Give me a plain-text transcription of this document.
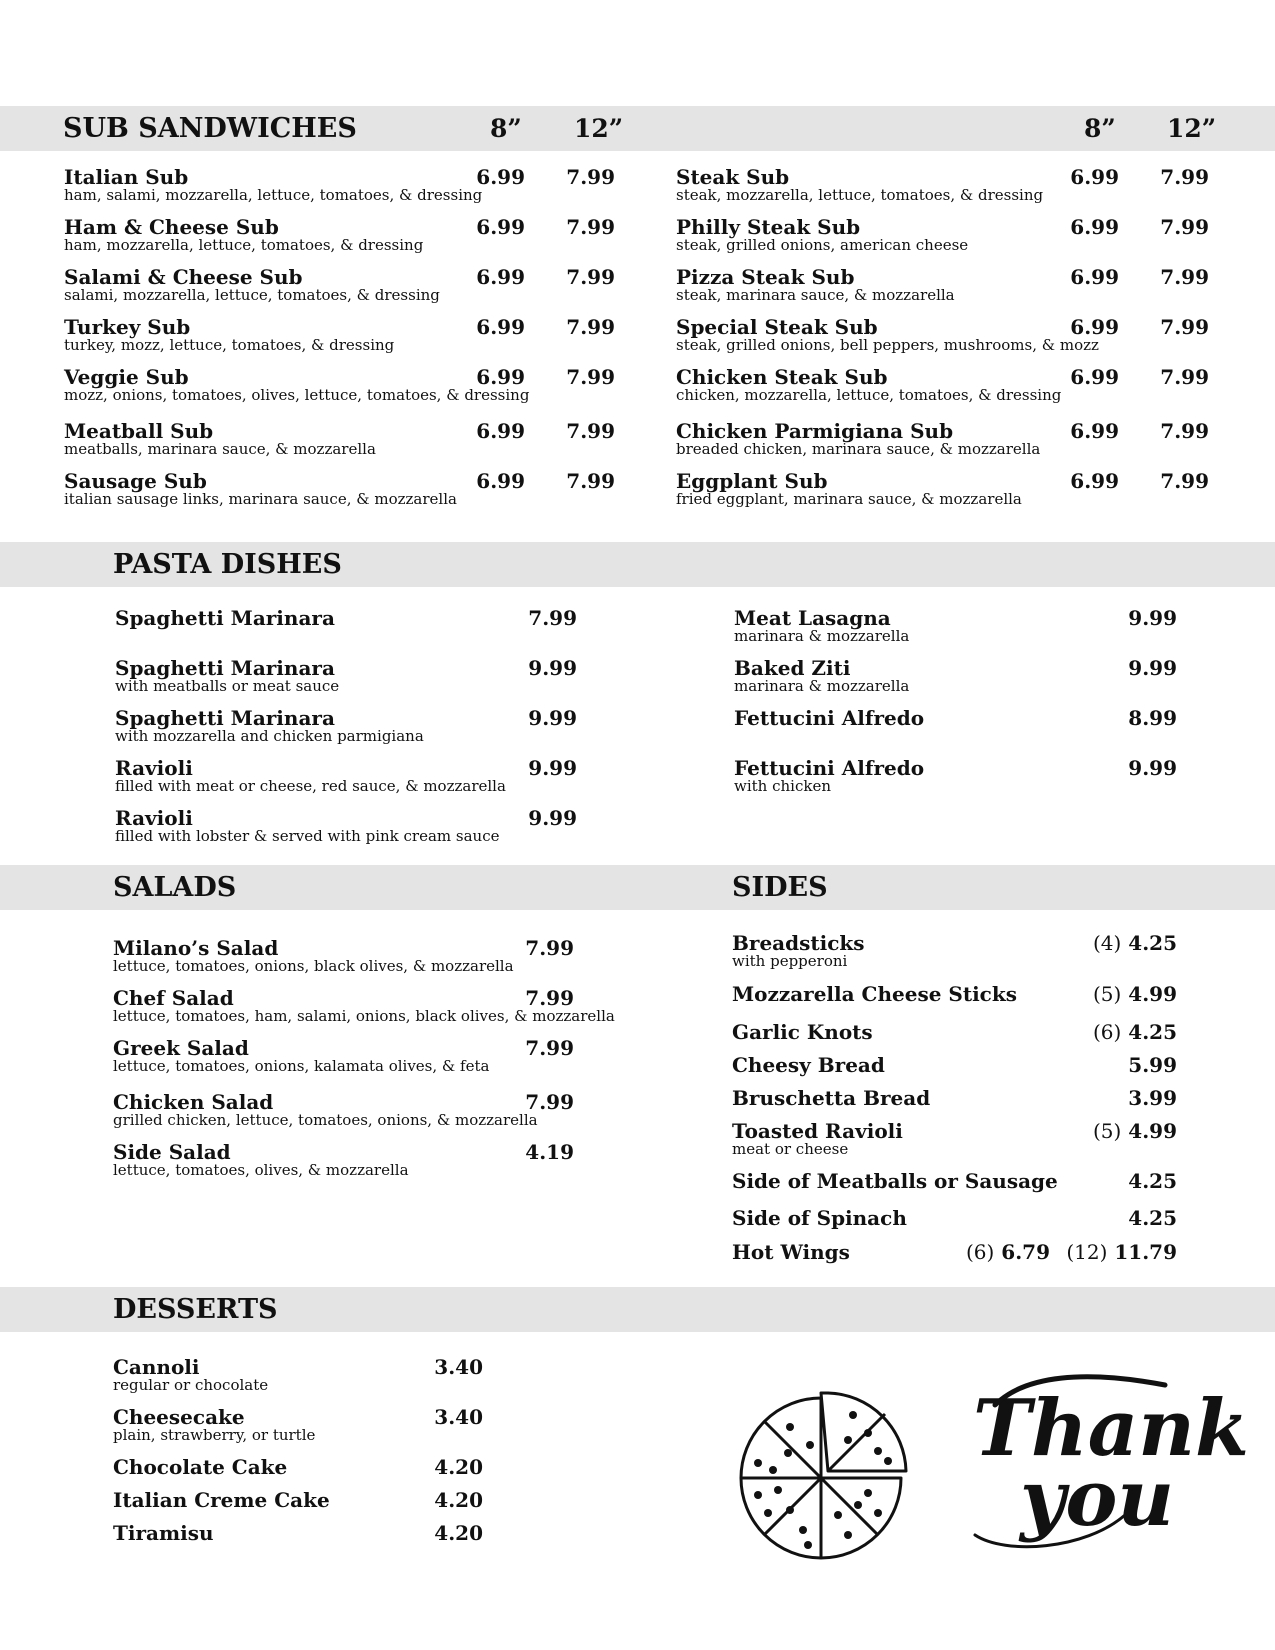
SUB SANDWICHES	8” 12”	8” 12”
Italian Sub
ham, salami, mozzarella, lettuce, tomatoes, & dressing
6.99	7.99
Ham & Cheese Sub
ham, mozzarella, lettuce, tomatoes, & dressing
6.99	7.99
Salami & Cheese Sub
salami, mozzarella, lettuce, tomatoes, & dressing
6.99	7.99
Turkey Sub
turkey, mozz, lettuce, tomatoes, & dressing
6.99	7.99
Veggie Sub
mozz, onions, tomatoes, olives, lettuce, tomatoes, & dressing
6.99	7.99
Meatball Sub
meatballs, marinara sauce, & mozzarella
6.99	7.99
Sausage Sub
italian sausage links, marinara sauce, & mozzarella
6.99	7.99
Steak Sub
steak, mozzarella, lettuce, tomatoes, & dressing
6.99	7.99
Philly Steak Sub
steak, grilled onions, american cheese
6.99	7.99
Pizza Steak Sub
steak, marinara sauce, & mozzarella
6.99	7.99
Special Steak Sub
steak, grilled onions, bell peppers, mushrooms, & mozz
6.99	7.99
Chicken Steak Sub
chicken, mozzarella, lettuce, tomatoes, & dressing
6.99	7.99
Chicken Parmigiana Sub
breaded chicken, marinara sauce, & mozzarella
6.99	7.99
Eggplant Sub
fried eggplant, marinara sauce, & mozzarella
6.99	7.99
PASTA DISHES
Spaghetti Marinara	7.99
Spaghetti Marinara
with meatballs or meat sauce
9.99
Spaghetti Marinara
with mozzarella and chicken parmigiana
9.99
Ravioli
filled with meat or cheese, red sauce, & mozzarella
9.99
Ravioli
filled with lobster & served with pink cream sauce
9.99
Meat Lasagna
marinara & mozzarella
9.99
Baked Ziti
marinara & mozzarella
9.99
Fettucini Alfredo	8.99
Fettucini Alfredo
with chicken
9.99
SALADS	SIDES
Milano’s Salad
lettuce, tomatoes, onions, black olives, & mozzarella
7.99
Chef Salad
lettuce, tomatoes, ham, salami, onions, black olives, & mozzarella
7.99
Greek Salad
lettuce, tomatoes, onions, kalamata olives, & feta
7.99
Chicken Salad
grilled chicken, lettuce, tomatoes, onions, & mozzarella
7.99
Side Salad
lettuce, tomatoes, olives, & mozzarella
4.19
Breadsticks
with pepperoni
(4) 4.25
Mozzarella Cheese Sticks	(5) 4.99
Garlic Knots	(6) 4.25
Cheesy Bread	5.99
Bruschetta Bread	3.99
Toasted Ravioli
meat or cheese
(5) 4.99
Side of Meatballs or Sausage	4.25
Side of Spinach	4.25
Hot Wings	(6) 6.79 (12) 11.79
DESSERTS
Cannoli
regular or chocolate
3.40
Cheesecake
plain, strawberry, or turtle
3.40
Chocolate Cake	4.20
Italian Creme Cake	4.20
Tiramisu	4.20
Thank
you
